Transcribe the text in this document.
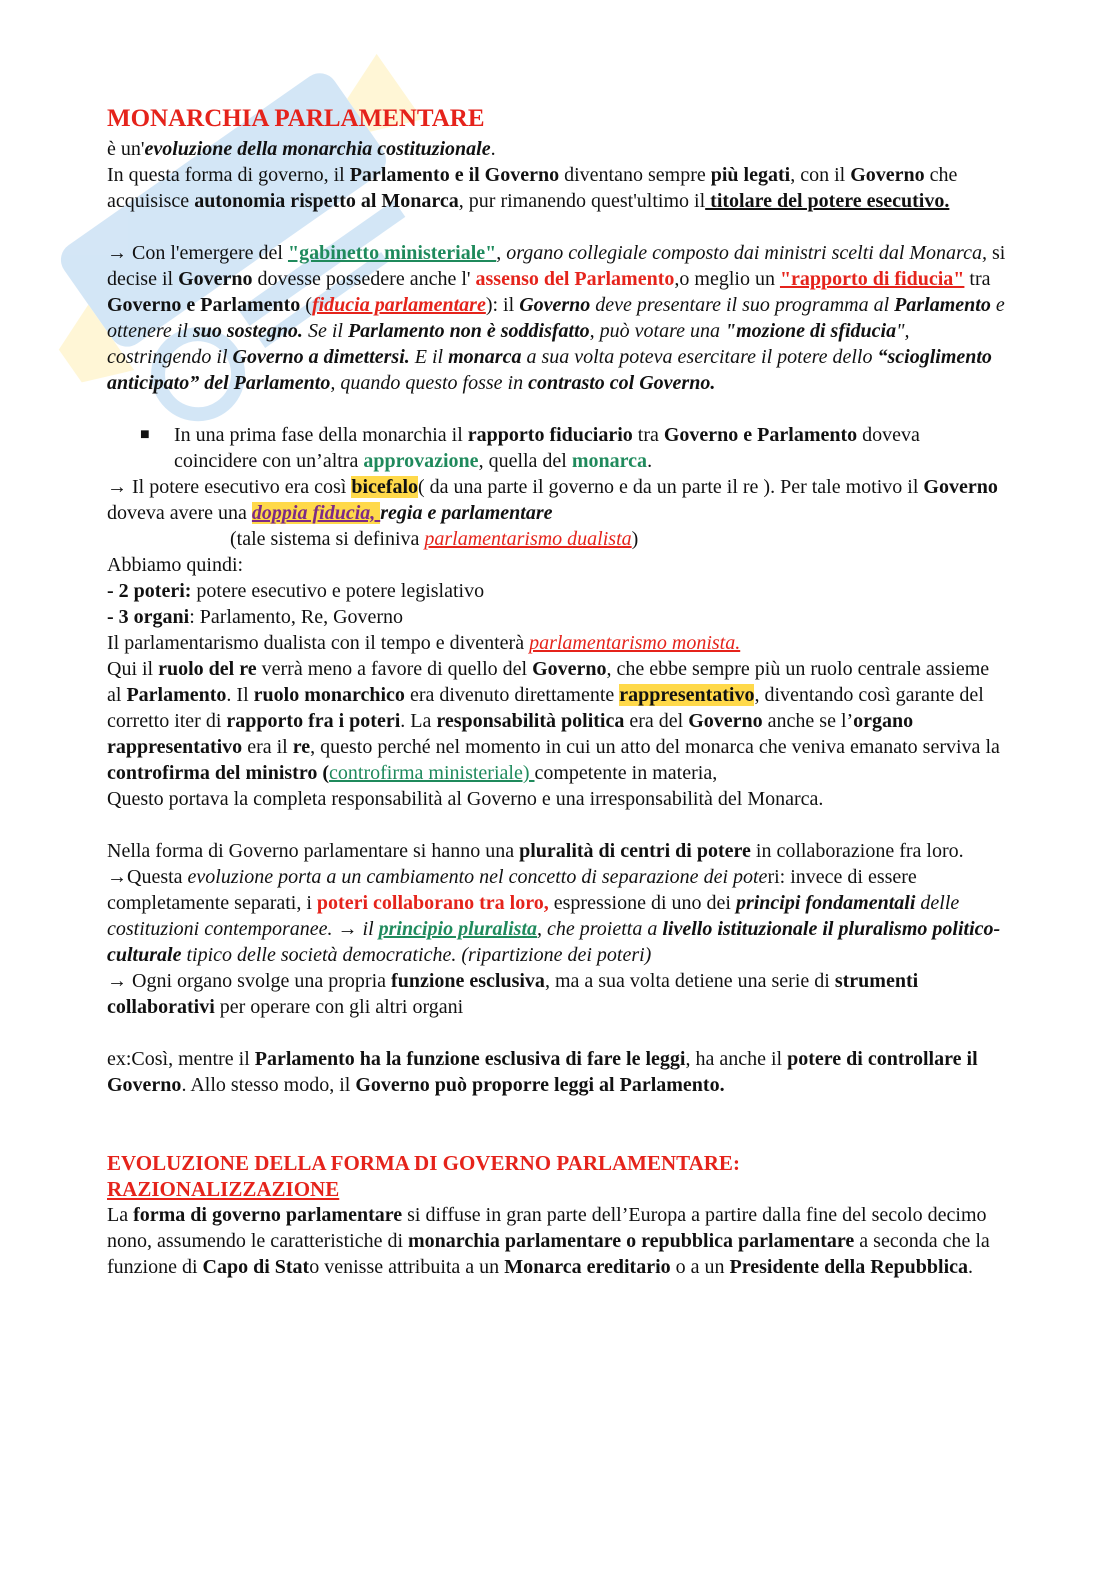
MONARCHIA PARLAMENTARE

è un'evoluzione della monarchia costituzionale.

In questa forma di governo, il Parlamento e il Governo diventano sempre più legati, con il Governo che acquisisce autonomia rispetto al Monarca, pur rimanendo quest'ultimo il titolare del potere esecutivo.

→ Con l'emergere del "gabinetto ministeriale", organo collegiale composto dai ministri scelti dal Monarca, si decise il Governo dovesse possedere anche l' assenso del Parlamento,o meglio un "rapporto di fiducia" tra Governo e Parlamento (fiducia parlamentare): il Governo deve presentare il suo programma al Parlamento e ottenere il suo sostegno. Se il Parlamento non è soddisfatto, può votare una "mozione di sfiducia", costringendo il Governo a dimettersi. E il monarca a sua volta poteva esercitare il potere dello “scioglimento anticipato” del Parlamento, quando questo fosse in contrasto col Governo.

■	In una prima fase della monarchia il rapporto fiduciario tra Governo e Parlamento doveva coincidere con un’altra approvazione, quella del monarca.

→ Il potere esecutivo era così bicefalo( da una parte il governo e da un parte il re ). Per tale motivo il Governo doveva avere una doppia fiducia, regia e parlamentare

(tale sistema si definiva parlamentarismo dualista)

Abbiamo quindi:

- 2 poteri: potere esecutivo e potere legislativo

- 3 organi: Parlamento, Re, Governo

Il parlamentarismo dualista con il tempo e diventerà parlamentarismo monista.

Qui il ruolo del re verrà meno a favore di quello del Governo, che ebbe sempre più un ruolo centrale assieme al Parlamento. Il ruolo monarchico era divenuto direttamente rappresentativo, diventando così garante del corretto iter di rapporto fra i poteri. La responsabilità politica era del Governo anche se l’organo rappresentativo era il re, questo perché nel momento in cui un atto del monarca che veniva emanato serviva la controfirma del ministro (controfirma ministeriale) competente in materia,

Questo portava la completa responsabilità al Governo e una irresponsabilità del Monarca.

Nella forma di Governo parlamentare si hanno una pluralità di centri di potere in collaborazione fra loro.

→Questa evoluzione porta a un cambiamento nel concetto di separazione dei poteri: invece di essere completamente separati, i poteri collaborano tra loro, espressione di uno dei principi fondamentali delle costituzioni contemporanee. → il principio pluralista, che proietta a livello istituzionale il pluralismo politico-culturale tipico delle società democratiche. (ripartizione dei poteri)

→ Ogni organo svolge una propria funzione esclusiva, ma a sua volta detiene una serie di strumenti collaborativi per operare con gli altri organi

ex:Così, mentre il Parlamento ha la funzione esclusiva di fare le leggi, ha anche il potere di controllare il Governo. Allo stesso modo, il Governo può proporre leggi al Parlamento.

EVOLUZIONE DELLA FORMA DI GOVERNO PARLAMENTARE:

RAZIONALIZZAZIONE

La forma di governo parlamentare si diffuse in gran parte dell’Europa a partire dalla fine del secolo decimo nono, assumendo le caratteristiche di monarchia parlamentare o repubblica parlamentare a seconda che la funzione di Capo di Stato venisse attribuita a un Monarca ereditario o a un Presidente della Repubblica.
